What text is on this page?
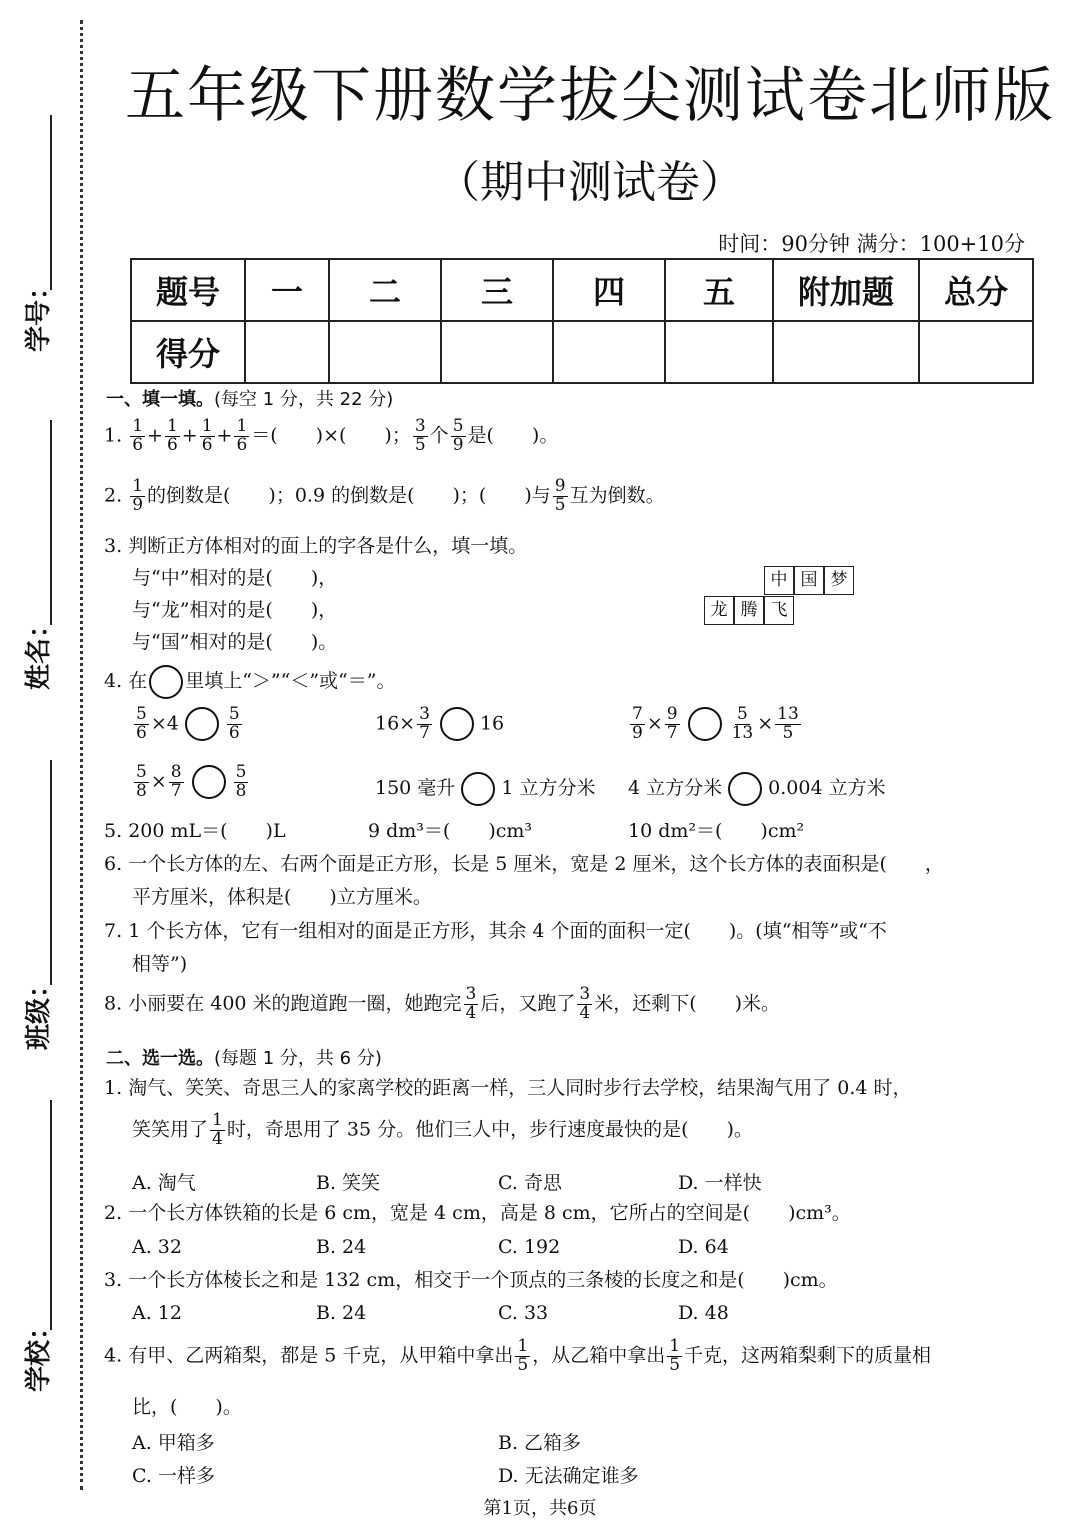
学号：
姓名：
班级：
学校：
五年级下册数学拔尖测试卷北师版
（期中测试卷）
时间：90分钟 满分：100+10分
题号	一	二	三	四	五	附加题	总分
得分							
一、填一填。(每空 1 分，共 22 分)
1. $\frac{1}{6} + \frac{1}{6} + \frac{1}{6} + \frac{1}{6}$ ＝(　　)×(　　)； $\frac{3}{5}$ 个 $\frac{5}{9}$ 是(　　)。
2. $\frac{1}{9}$ 的倒数是(　　)；0.9 的倒数是(　　)；(　　)与 $\frac{9}{5}$ 互为倒数。
3. 判断正方体相对的面上的字各是什么，填一填。
与“中”相对的是(　　)，
与“龙”相对的是(　　)，
与“国”相对的是(　　)。
中 国 梦
龙 腾 飞
4. 在 里填上“＞”“＜”或“＝”。
$\frac{5}{6} \times 4$	$\frac{5}{6}$	$16\times \frac{3}{7}$	16	$\frac{7}{9} \times \frac{9}{7}$	$\frac{5}{13} \times \frac{13}{5}$
$\frac{5}{8} \times \frac{8}{7}$	$\frac{5}{8}$	150 毫升 1 立方分米 4 立方分米 0.004 立方米
5. 200 mL＝(　　)L	9 dm³＝(　　)cm³	10 dm²＝(　　)cm²
6. 一个长方体的左、右两个面是正方形，长是 5 厘米，宽是 2 厘米，这个长方体的表面积是(　　，
平方厘米，体积是(　　)立方厘米。
7. 1 个长方体，它有一组相对的面是正方形，其余 4 个面的面积一定(　　)。(填“相等”或“不
相等”)
8. 小丽要在 400 米的跑道跑一圈，她跑完 $\frac{3}{4}$ 后，又跑了 $\frac{3}{4}$ 米，还剩下(　　)米。
二、选一选。(每题 1 分，共 6 分)
1. 淘气、笑笑、奇思三人的家离学校的距离一样，三人同时步行去学校，结果淘气用了 0.4 时，
笑笑用了 $\frac{1}{4}$ 时，奇思用了 35 分。他们三人中，步行速度最快的是(　　)。
A. 淘气	B. 笑笑	C. 奇思	D. 一样快
2. 一个长方体铁箱的长是 6 cm，宽是 4 cm，高是 8 cm，它所占的空间是(　　)cm³。
A. 32	B. 24	C. 192	D. 64
3. 一个长方体棱长之和是 132 cm，相交于一个顶点的三条棱的长度之和是(　　)cm。
A. 12	B. 24	C. 33	D. 48
4. 有甲、乙两箱梨，都是 5 千克，从甲箱中拿出 $\frac{1}{5}$ ，从乙箱中拿出 $\frac{1}{5}$ 千克，这两箱梨剩下的质量相
比，(　　)。
A. 甲箱多	B. 乙箱多
C. 一样多	D. 无法确定谁多
第1页，共6页
